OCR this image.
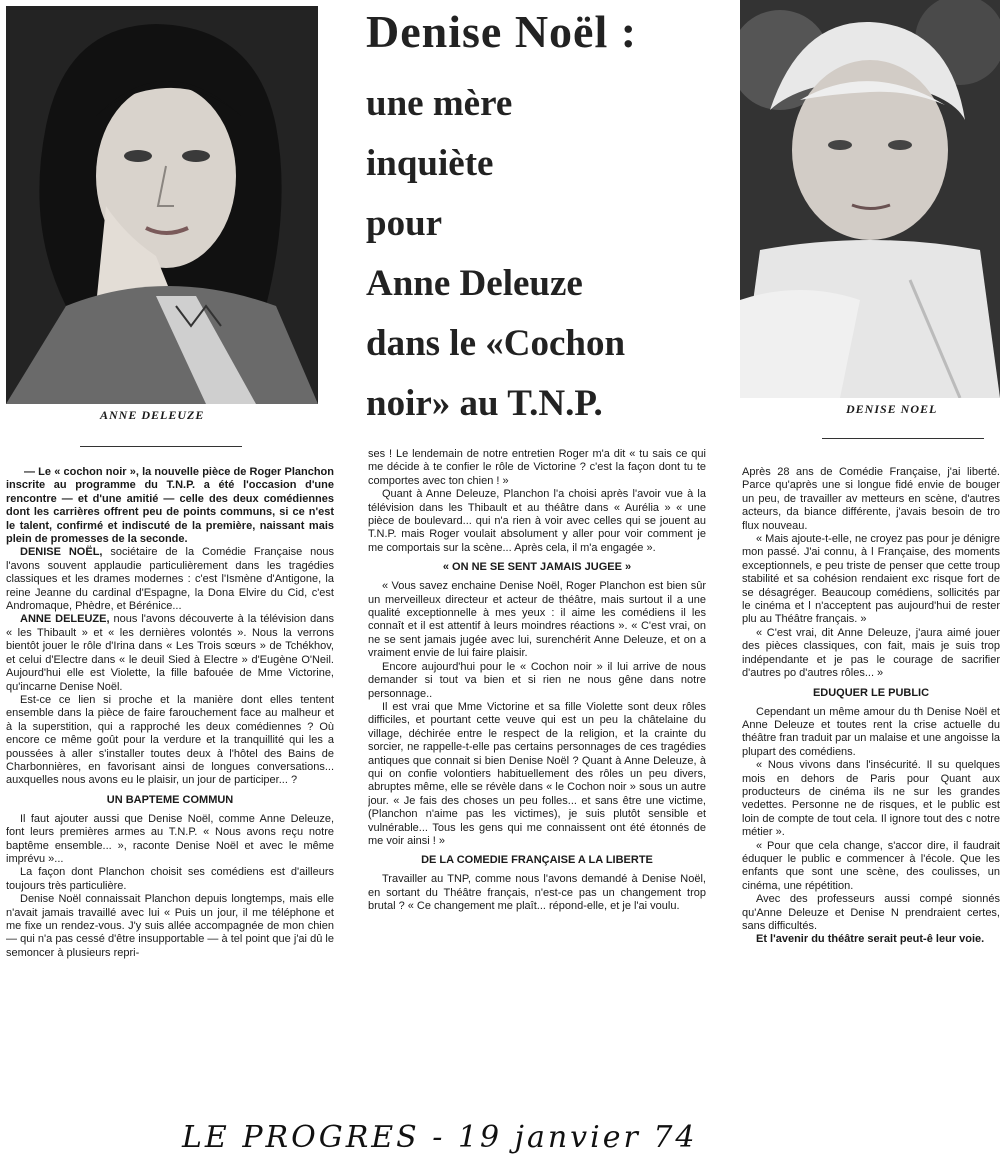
ANNE DELEUZE	DENISE NOEL
Denise Noël :
une mère
inquiète
pour
Anne Deleuze
dans le «Cochon
noir» au T.N.P.

— Le « cochon noir », la nouvelle pièce de Roger Planchon inscrite au programme du T.N.P. a été l'occasion d'une rencontre — et d'une amitié — celle des deux comédiennes dont les carrières offrent peu de points communs, si ce n'est le talent, confirmé et indiscuté de la première, naissant mais plein de promesses de la seconde.

DENISE NOËL, sociétaire de la Comédie Française nous l'avons souvent applaudie particulièrement dans les tragédies classiques et les drames modernes : c'est l'Ismène d'Antigone, la reine Jeanne du cardinal d'Espagne, la Dona Elvire du Cid, c'est Andromaque, Phèdre, et Bérénice...

ANNE DELEUZE, nous l'avons découverte à la télévision dans « les Thibault » et « les dernières volontés ». Nous la verrons bientôt jouer le rôle d'Irina dans « Les Trois sœurs » de Tchékhov, et celui d'Electre dans « le deuil Sied à Electre » d'Eugène O'Neil. Aujourd'hui elle est Violette, la fille bafouée de Mme Victorine, qu'incarne Denise Noël.

Est-ce ce lien si proche et la manière dont elles tentent ensemble dans la pièce de faire farouchement face au malheur et à la superstition, qui a rapproché les deux comédiennes ? Où encore ce même goût pour la verdure et la tranquillité qui les a poussées à aller s'installer toutes deux à l'hôtel des Bains de Charbonnières, en favorisant ainsi de longues conversations... auxquelles nous avons eu le plaisir, un jour de participer... ?

UN BAPTEME COMMUN

Il faut ajouter aussi que Denise Noël, comme Anne Deleuze, font leurs premières armes au T.N.P. « Nous avons reçu notre baptême ensemble... », raconte Denise Noël et avec le même imprévu »...

La façon dont Planchon choisit ses comédiens est d'ailleurs toujours très particulière.

Denise Noël connaissait Planchon depuis longtemps, mais elle n'avait jamais travaillé avec lui « Puis un jour, il me téléphone et me fixe un rendez-vous. J'y suis allée accompagnée de mon chien — qui n'a pas cessé d'être insupportable — à tel point que j'ai dû le semoncer à plusieurs repri-

ses ! Le lendemain de notre entretien Roger m'a dit « tu sais ce qui me décide à te confier le rôle de Victorine ? c'est la façon dont tu te comportes avec ton chien ! »

Quant à Anne Deleuze, Planchon l'a choisi après l'avoir vue à la télévision dans les Thibault et au théâtre dans « Aurélia » « une pièce de boulevard... qui n'a rien à voir avec celles qui se jouent au T.N.P. mais Roger voulait absolument y aller pour voir comment je me comportais sur la scène... Après cela, il m'a engagée ».

« ON NE SE SENT JAMAIS JUGEE »

« Vous savez enchaine Denise Noël, Roger Planchon est bien sûr un merveilleux directeur et acteur de théâtre, mais surtout il a une qualité exceptionnelle à mes yeux : il aime les comédiens il les connaît et il est attentif à leurs moindres réactions ». « C'est vrai, on ne se sent jamais jugée avec lui, surenchérit Anne Deleuze, et on a vraiment envie de lui faire plaisir.

Encore aujourd'hui pour le « Cochon noir » il lui arrive de nous demander si tout va bien et si rien ne nous gêne dans notre personnage..

Il est vrai que Mme Victorine et sa fille Violette sont deux rôles difficiles, et pourtant cette veuve qui est un peu la châtelaine du village, déchirée entre le respect de la religion, et la crainte du sorcier, ne rappelle-t-elle pas certains personnages de ces tragédies antiques que connait si bien Denise Noël ? Quant à Anne Deleuze, à qui on confie volontiers habituellement des rôles un peu divers, abruptes même, elle se révèle dans « le Cochon noir » sous un autre jour. « Je fais des choses un peu folles... et sans être une victime, (Planchon n'aime pas les victimes), je suis plutôt sensible et vulnérable... Tous les gens qui me connaissent ont été étonnés de me voir ainsi ! »

DE LA COMEDIE FRANÇAISE A LA LIBERTE

Travailler au TNP, comme nous l'avons demandé à Denise Noël, en sortant du Théâtre français, n'est-ce pas un changement trop brutal ? « Ce changement me plaît... répond-elle, et je l'ai voulu.

Après 28 ans de Comédie Française, j'ai liberté. Parce qu'après une si longue fidé envie de bouger un peu, de travailler av metteurs en scène, d'autres acteurs, da biance différente, j'avais besoin de tro flux nouveau.

« Mais ajoute-t-elle, ne croyez pas pour je dénigre mon passé. J'ai connu, à l Française, des moments exceptionnels, e peu triste de penser que cette troup stabilité et sa cohésion rendaient exc risque fort de se désagréger. Beaucoup comédiens, sollicités par le cinéma et l n'acceptent pas aujourd'hui de rester plu au Théâtre français. »

« C'est vrai, dit Anne Deleuze, j'aura aimé jouer des pièces classiques, con fait, mais je suis trop indépendante et je pas le courage de sacrifier d'autres po d'autres rôles... »

EDUQUER LE PUBLIC

Cependant un même amour du th Denise Noël et Anne Deleuze et toutes rent la crise actuelle du théâtre fran traduit par un malaise et une angoisse la plupart des comédiens.

« Nous vivons dans l'insécurité. Il su quelques mois en dehors de Paris pour Quant aux producteurs de cinéma ils ne sur les grandes vedettes. Personne ne de risques, et le public est loin de compte de tout cela. Il ignore tout des c notre métier ».

« Pour que cela change, s'accor dire, il faudrait éduquer le public e commencer à l'école. Que les enfants que sont une scène, des coulisses, un cinéma, une répétition.

Avec des professeurs aussi compé sionnés qu'Anne Deleuze et Denise N prendraient certes, sans difficultés.

Et l'avenir du théâtre serait peut-ê leur voie.

LE PROGRES - 19 janvier 74
